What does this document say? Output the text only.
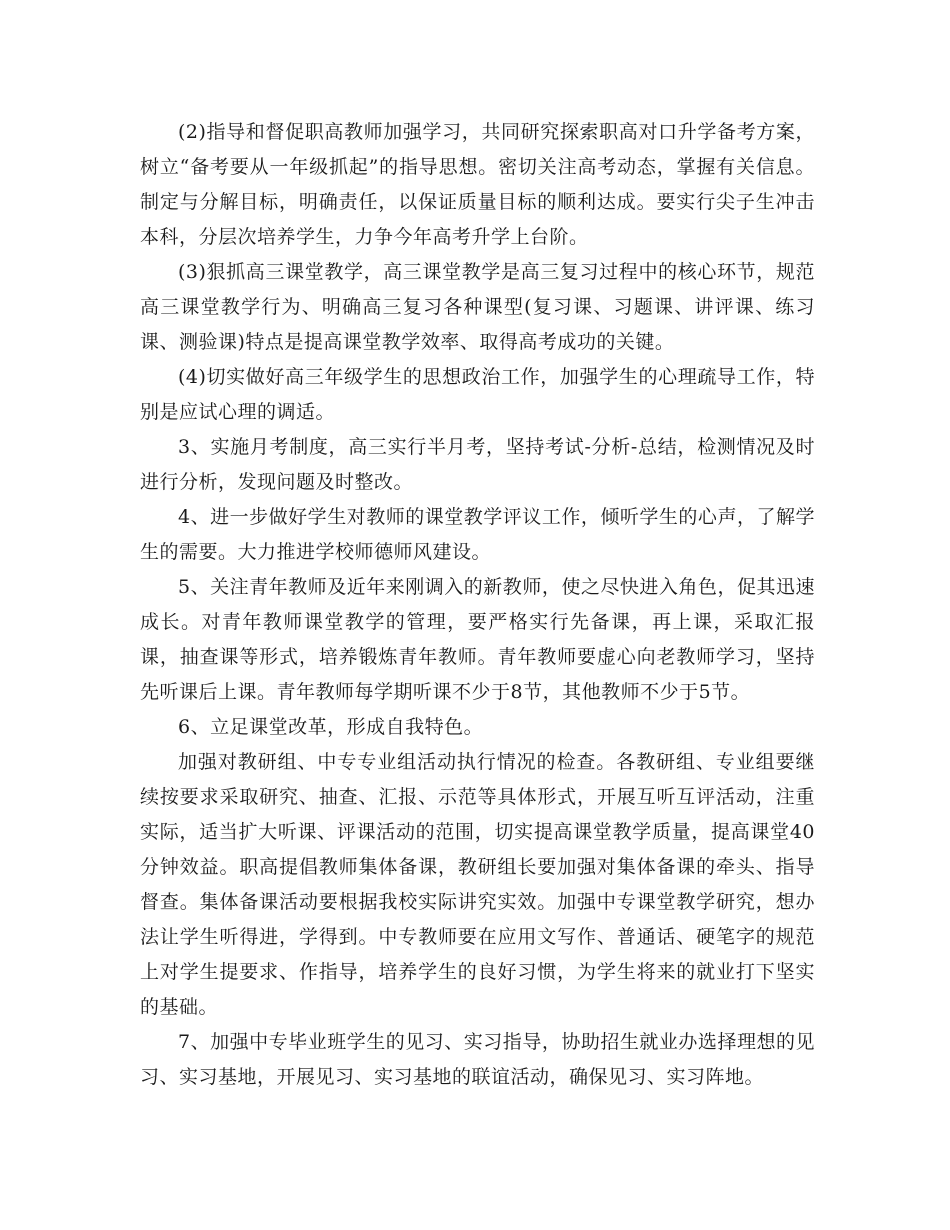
(2)指导和督促职高教师加强学习，共同研究探索职高对口升学备考方案，树立“备考要从一年级抓起”的指导思想。密切关注高考动态，掌握有关信息。制定与分解目标，明确责任，以保证质量目标的顺利达成。要实行尖子生冲击本科，分层次培养学生，力争今年高考升学上台阶。

(3)狠抓高三课堂教学，高三课堂教学是高三复习过程中的核心环节，规范高三课堂教学行为、明确高三复习各种课型(复习课、习题课、讲评课、练习课、测验课)特点是提高课堂教学效率、取得高考成功的关键。

(4)切实做好高三年级学生的思想政治工作，加强学生的心理疏导工作，特别是应试心理的调适。

3、实施月考制度，高三实行半月考，坚持考试-分析-总结，检测情况及时进行分析，发现问题及时整改。

4、进一步做好学生对教师的课堂教学评议工作，倾听学生的心声，了解学生的需要。大力推进学校师德师风建设。

5、关注青年教师及近年来刚调入的新教师，使之尽快进入角色，促其迅速成长。对青年教师课堂教学的管理，要严格实行先备课，再上课，采取汇报课，抽查课等形式，培养锻炼青年教师。青年教师要虚心向老教师学习，坚持先听课后上课。青年教师每学期听课不少于8节，其他教师不少于5节。

6、立足课堂改革，形成自我特色。

加强对教研组、中专专业组活动执行情况的检查。各教研组、专业组要继续按要求采取研究、抽查、汇报、示范等具体形式，开展互听互评活动，注重实际，适当扩大听课、评课活动的范围，切实提高课堂教学质量，提高课堂40分钟效益。职高提倡教师集体备课，教研组长要加强对集体备课的牵头、指导督查。集体备课活动要根据我校实际讲究实效。加强中专课堂教学研究，想办法让学生听得进，学得到。中专教师要在应用文写作、普通话、硬笔字的规范上对学生提要求、作指导，培养学生的良好习惯，为学生将来的就业打下坚实的基础。

7、加强中专毕业班学生的见习、实习指导，协助招生就业办选择理想的见习、实习基地，开展见习、实习基地的联谊活动，确保见习、实习阵地。
